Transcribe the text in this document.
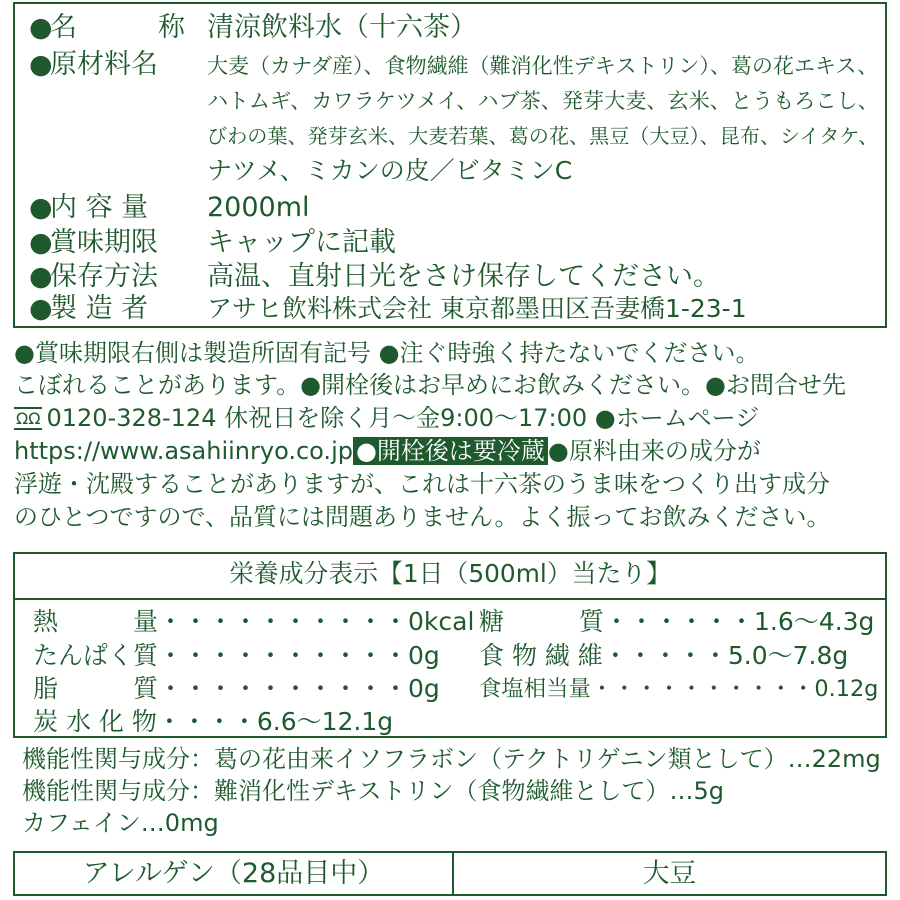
●名　　　称 清涼飲料水（十六茶）
●原材料名 大麦（カナダ産）、食物繊維（難消化性デキストリン）、葛の花エキス、
ハトムギ、カワラケツメイ、ハブ茶、発芽大麦、玄米、とうもろこし、
びわの葉、発芽玄米、大麦若葉、葛の花、黒豆（大豆）、昆布、シイタケ、
ナツメ、ミカンの皮／ビタミンC
●内 容 量 2000ml
●賞味期限 キャップに記載
●保存方法 高温、直射日光をさけ保存してください。
●製 造 者 アサヒ飲料株式会社 東京都墨田区吾妻橋1-23-1
●賞味期限右側は製造所固有記号 ●注ぐ時強く持たないでください。
こぼれることがあります。●開栓後はお早めにお飲みください。●お問合せ先
ΩΩ 0120-328-124 休祝日を除く月〜金9:00〜17:00 ●ホームページ
https://www.asahiinryo.co.jp ●開栓後は要冷蔵 ●原料由来の成分が
浮遊・沈殿することがありますが、これは十六茶のうま味をつくり出す成分
のひとつですので、品質には問題ありません。よく振ってお飲みください。
栄養成分表示【1日（500ml）当たり】
熱　　　量・・・・・・・・・・0kcal
たんぱく質・・・・・・・・・・0g
脂　　　質・・・・・・・・・・0g
炭 水 化 物・・・・6.6〜12.1g
糖　　　質・・・・・・1.6〜4.3g
食 物 繊 維・・・・・5.0〜7.8g
食塩相当量・・・・・・・・・・0.12g
機能性関与成分：葛の花由来イソフラボン（テクトリゲニン類として）…22mg
機能性関与成分：難消化性デキストリン（食物繊維として）…5g
カフェイン…0mg
アレルゲン（28品目中）	大豆
